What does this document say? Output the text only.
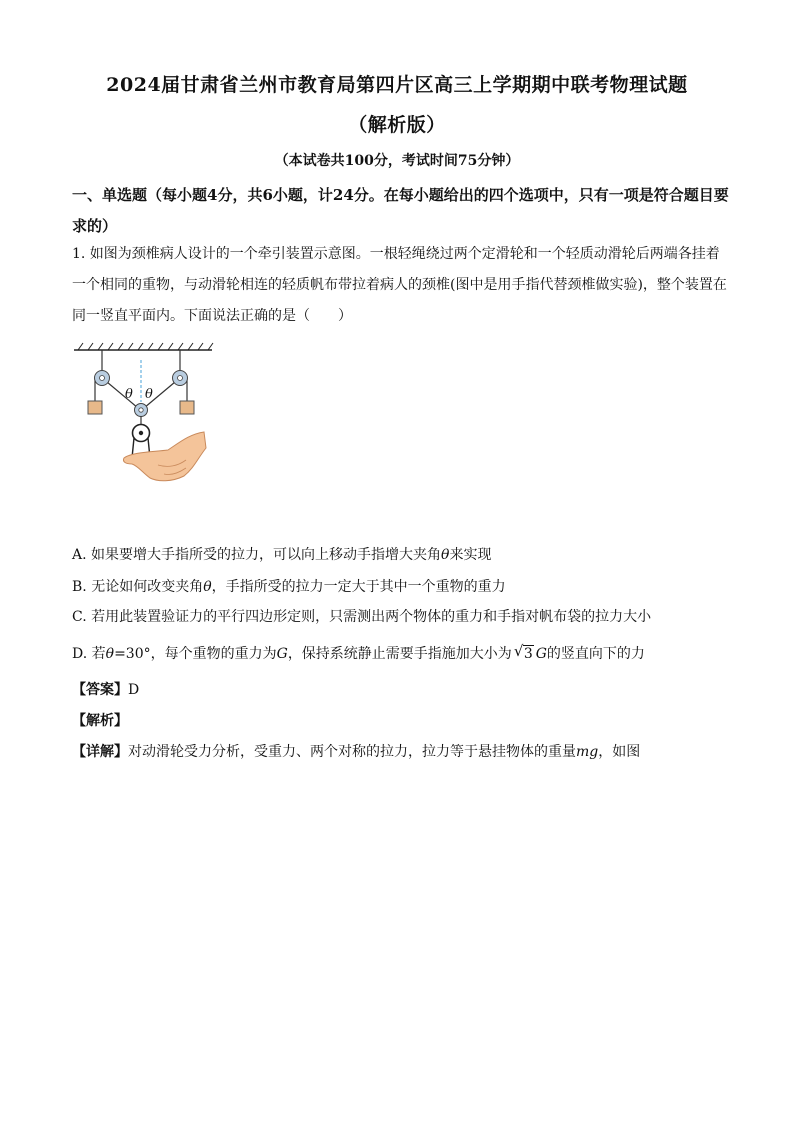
2024届甘肃省兰州市教育局第四片区高三上学期期中联考物理试题
（解析版）
（本试卷共100分，考试时间75分钟）
一、单选题（每小题4分，共6小题，计24分。在每小题给出的四个选项中，只有一项是符合题目要求的）
1. 如图为颈椎病人设计的一个牵引装置示意图。一根轻绳绕过两个定滑轮和一个轻质动滑轮后两端各挂着一个相同的重物，与动滑轮相连的轻质帆布带拉着病人的颈椎(图中是用手指代替颈椎做实验)，整个装置在同一竖直平面内。下面说法正确的是（　　）
θ θ
A. 如果要增大手指所受的拉力，可以向上移动手指增大夹角θ来实现
B. 无论如何改变夹角θ，手指所受的拉力一定大于其中一个重物的重力
C. 若用此装置验证力的平行四边形定则，只需测出两个物体的重力和手指对帆布袋的拉力大小
D. 若θ=30°，每个重物的重力为G，保持系统静止需要手指施加大小为 √ 3 G的竖直向下的力
【答案】D
【解析】
【详解】对动滑轮受力分析，受重力、两个对称的拉力，拉力等于悬挂物体的重量mg，如图
